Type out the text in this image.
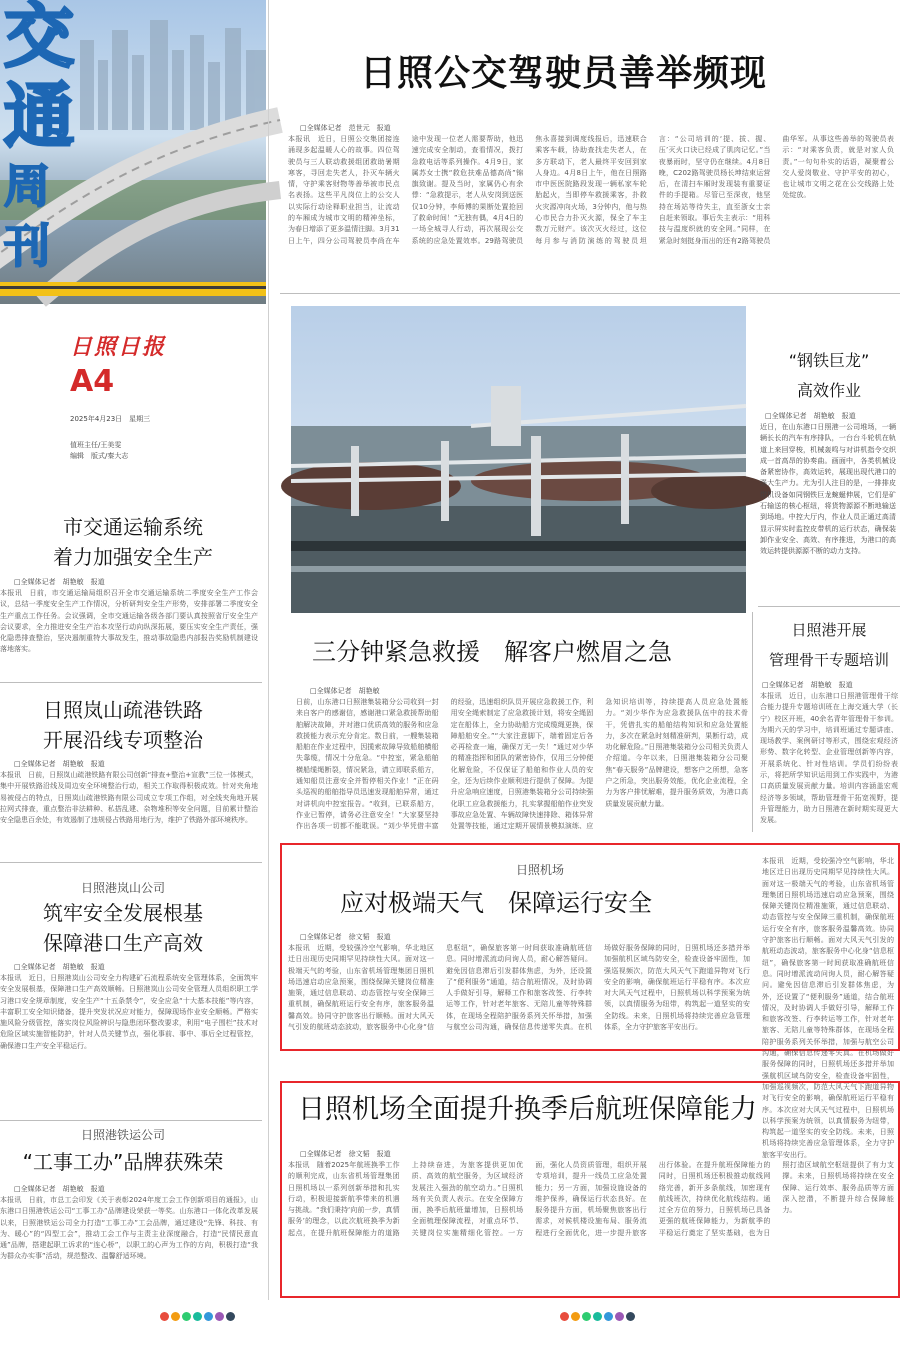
交
通
周刊
日照日报
A4
2025年4月23日　星期三
值班主任/王美雯
编辑　版式/秦大志
市交通运输系统
着力加强安全生产
□全媒体记者　胡艳敏　报道
本报讯　日前，市交通运输局组织召开全市交通运输系统二季度安全生产工作会议，总结一季度安全生产工作情况，分析研判安全生产形势，安排部署二季度安全生产重点工作任务。会议强调，全市交通运输各级各部门要认真按照省厅安全生产会议要求，全力推进安全生产治本攻坚行动向纵深拓展，要压实安全生产责任，强化隐患排查整治，坚决遏制重特大事故发生，推动事故隐患内部报告奖励机制建设落地落实。
日照岚山疏港铁路
开展沿线专项整治
□全媒体记者　胡艳敏　报道
本报讯　日前，日照岚山疏港铁路有限公司创新“排查+整治+宣教”三位一体模式，集中开展铁路沿线及周边安全环境整治行动，相关工作取得积极成效。针对夹角地易被侵占的特点，日照岚山疏港铁路有限公司成立专项工作组，对全线夹角地开展拉网式排查，重点整治非法耕种、私搭乱建、杂物堆积等安全问题，目前累计整治安全隐患百余处，有效遏制了违规侵占铁路用地行为，维护了铁路外部环境秩序。
日照港岚山公司
筑牢安全发展根基
保障港口生产高效
□全媒体记者　胡艳敏　报道
本报讯　近日，日照港岚山公司安全力构建矿石流程系统安全管理体系，全面筑牢安全发展根基，保障港口生产高效顺畅。日照港岚山公司安全管理人员组织职工学习港口安全规章制度，安全生产“十五条禁令”，安全应急“十大基本技能”等内容，丰富职工安全知识储备，提升突发状况应对能力，保障现场作业安全顺畅。严格实施风险分级管控，落实岗位风险辨识与隐患闭环整改要求，利用“电子围栏”技术对危险区域实施智能防护，针对人员关键节点，强化事前、事中、事后全过程管控，确保港口生产安全平稳运行。
日照港铁运公司
“工事工办”品牌获殊荣
□全媒体记者　胡艳敏　报道
本报讯　日前，市总工会印发《关于表彰2024年度工会工作创新项目的通报》，山东港口日照港铁运公司“工事工办”品牌建设荣获一等奖。山东港口一体化改革发展以来，日照港铁运公司全力打造“工事工办”工会品牌，通过建设“先锋、科技、有为、暖心”的“四型工会”，推动工会工作与主责主业深度融合，打造“民情民意直通”品牌，搭建起职工诉求的“连心桥”，以职工的心声为工作的方向，积极打造“我为群众办实事”活动，规范整改、温馨舒适环境。
日照公交驾驶员善举频现
□全媒体记者　范世元　报道
本报讯　近日，日照公交集团接连涌现多起温暖人心的故事。四位驾驶员与三人联动救援组团救助暑期寒客，寻回走失老人，扑灭车辆火情，守护乘客财物等善举被市民点名表扬。这些平凡岗位上的公交人以实际行动诠释职业担当，让流动的车厢成为城市文明的精神坐标，为春日增添了更多温情注脚。3月31日上午，四分公司驾驶员李尚在车途中发现一位老人需要帮助，他迅速完成安全制动，查看情况，拨打急救电话等系列操作。4月9日，家属苏女士携“救危扶难品德高尚”锦旗致谢。提及当时，家属仍心有余悸：“急救提示，老人从安岗到送医仅10分钟，李师傅的果断处置抢回了救命时间！”无独有偶，4月4日的一场全城寻人行动，再次展现公交系统的应急处置效率。29路驾驶员焦永喜接到调度线报后，迅速联合乘客车载，协助查找走失老人，在多方联动下，老人最终平安回到家人身边。4月8日上午，他在日照路市中医医院路段发现一辆私家车轮胎起火，当即停车救援乘客，扑救火灾源冲向火场，3分钟内，他与热心市民合力扑灭火源，保全了车主数万元财产。该次灭火经过，这位每月参与消防演练的驾驶员坦言：“公司培训的‘提、拔、握、压’灭火口诀已经成了肌肉记忆。”当夜暴雨时，坚守仍在继续。4月8日晚，C202路驾驶员杨长坤结束运营后，在清扫车厢时发现装有重要证件的手提箱。尽管已至深夜，他坚持在场站等待失主，直至浙女士亲自赶来领取。事后失主表示：“用科技与温度织就的安全网。”同样，在紧急时刻挺身而出的还有2路驾驶员曲华军。从事这些善举的驾驶员表示：“对乘客负责，就是对家人负责。”一句句朴实的话语，凝聚着公交人爱岗敬业、守护平安的初心，也让城市文明之花在公交线路上处处绽放。
“钢铁巨龙”
高效作业
□全媒体记者　胡艳敏　报道
近日，在山东港口日照港一公司堆场，一辆辆长长的汽车有序排队，一台台斗轮机在轨道上来回穿梭，机械轰鸣与对讲机指令交织成一首高昂的协奏曲。画面中，各类机械设备紧密协作，高效运转，展现出现代港口的强大生产力。尤为引人注目的是，一排排皮带机设备如同钢铁巨龙蜿蜒伸展，它们是矿石输送的核心枢纽，将货物源源不断地输送到场地。中控大厅内，作业人员正通过高清显示屏实时监控皮带机的运行状态，确保装卸作业安全、高效、有序推进，为港口的高效运转提供源源不断的动力支持。
三分钟紧急救援　解客户燃眉之急
□全媒体记者　胡艳敏
日前，山东港口日照港集装箱分公司收到一封来自客户的感谢信，感谢港口紧急救援帮助船舶解决故障，并对港口优质高效的服务和应急救援能力表示充分肯定。数日前，一艘集装箱船舶在作业过程中，因揽索故障导致船舶横船失靠缆，情况十分危急。“中控室，紧急船舶横船缆绳断裂，情况紧急，请立即联系船方，通知船员注意安全并暂停相关作业！”正在码头巡视的船舶指导员迅速发现船舶异常，通过对讲机向中控室报告。“收到，已联系船方，作业已暂停，请务必注意安全！”大家要坚持作出各项一切都不能耽误。“刘少华凭借丰富的经验，迅速组织队员开展应急救援工作，利用安全绳索制定了应急救援计划，将安全绳固定在船体上，全力协助船方完成缆绳更换，保障船舶安全。”“大家注意脚下，端着固定后各必再检查一遍，确保万无一失！”通过对少华的精准指挥和团队的紧密协作，仅用三分钟便化解危险，不仅保证了船舶和作业人员的安全，还为后续作业顺利进行提供了保障。为提升应急响应速度，日照港集装箱分公司持续强化职工应急救援能力，扎实掌握船舶作业突发事故应急处置、车辆故障快速排除、箱体异常处置等技能，通过定期开展情景模拟演练、应急知识培训等，持续提高人员应急处置能力。“刘少华作为应急救援队伍中的技术骨干，凭借扎实的船舶结构知识和应急处置能力，多次在紧急时刻精准研判，果断行动，成功化解危险。”日照港集装箱分公司相关负责人介绍道。今年以来，日照港集装箱分公司聚焦“春天服务”品牌建设，想客户之所想，急客户之所急，突出服务效能，优化企业流程，全力为客户排忧解难，提升服务质效，为港口高质量发展贡献力量。
日照港开展
管理骨干专题培训
□全媒体记者　胡艳敏　报道
本报讯　近日，山东港口日照港管理骨干综合能力提升专题培训班在上海交通大学（长宁）校区开班，40余名青年管理骨干参训。为期六天的学习中，培训班通过专题讲座、现场教学、案例研讨等形式，围绕宏观经济形势、数字化转型、企业管理创新等内容，开展系统化、针对性培训。学员们纷纷表示，将把所学知识运用到工作实践中，为港口高质量发展贡献力量。培训内容涵盖宏观经济等多领域，帮助管理骨干拓宽视野，提升管理能力，助力日照港在新时期实现更大发展。
日照机场
应对极端天气　保障运行安全
□全媒体记者　徐文韬　报道
本报讯　近期，受较强冷空气影响，华北地区迁日出现历史同期罕见持续性大风。面对这一极端天气的考验，山东省机场管理集团日照机场迅速启动应急预案，围绕保障关键岗位精准施策，通过信息联动、动态管控与安全保障三重机制，确保航班运行安全有序，旅客服务温馨高效。协同守护旅客出行顺畅。面对大风天气引发的航班动态波动，旅客服务中心化身“信息枢纽”，确保旅客第一时间获取准确航班信息。同时增派流动问询人员，耐心解答疑问。避免因信息滞后引发群体焦虑，为外，还设置了“便利服务”通道，结合航班情况，及时协调人手做好引导，解释工作和旅客改签、行李转运等工作，针对老年旅客、无陪儿童等特殊群体，在现场全程陪护服务系列关怀举措，加强与航空公司沟通，确保信息传递零失真。在机场做好服务保障的同时，日照机场还多措并举加强航机区域鸟防安全，检查设备牢固性，加强巡视频次，防范大风天气下跑道异物对飞行安全的影响，确保航班运行平稳有序。本次应对大风天气过程中，日照机场以科学预案为统领，以真情服务为纽带，构筑起一道坚实的安全防线。未来，日照机场将持续完善应急管理体系，全力守护旅客平安出行。
本报讯　近期，受较强冷空气影响，华北地区迁日出现历史同期罕见持续性大风。面对这一极端天气的考验，山东省机场管理集团日照机场迅速启动应急预案，围绕保障关键岗位精准施策，通过信息联动、动态管控与安全保障三重机制，确保航班运行安全有序，旅客服务温馨高效。协同守护旅客出行顺畅。面对大风天气引发的航班动态波动，旅客服务中心化身“信息枢纽”，确保旅客第一时间获取准确航班信息。同时增派流动问询人员，耐心解答疑问。避免因信息滞后引发群体焦虑，为外，还设置了“便利服务”通道，结合航班情况，及时协调人手做好引导，解释工作和旅客改签、行李转运等工作，针对老年旅客、无陪儿童等特殊群体，在现场全程陪护服务系列关怀举措，加强与航空公司沟通，确保信息传递零失真。在机场做好服务保障的同时，日照机场还多措并举加强航机区域鸟防安全，检查设备牢固性，加强巡视频次，防范大风天气下跑道异物对飞行安全的影响，确保航班运行平稳有序。本次应对大风天气过程中，日照机场以科学预案为统领，以真情服务为纽带，构筑起一道坚实的安全防线。未来，日照机场将持续完善应急管理体系，全力守护旅客平安出行。
日照机场全面提升换季后航班保障能力
□全媒体记者　徐文韬　报道
本报讯　随着2025年航班换季工作的顺利完成，山东省机场管理集团日照机场以一系列创新举措和扎实行动，积极迎接新航季带来的机遇与挑战。“我们秉持‘向前一步，真情服务’的理念，以此次航班换季为新起点，在提升航班保障能力的道路上持续奋进，为旅客提供更加优质、高效的航空服务，为区域经济发展注入强劲的航空动力。”日照机场有关负责人表示。在安全保障方面，换季后航班量增加，日照机场全面梳理保障流程，对重点环节、关键岗位实施精细化管控。一方面，强化人员资质管理，组织开展专项培训，提升一线员工应急处置能力；另一方面，加强设施设备的维护保养，确保运行状态良好。在服务提升方面，机场聚焦旅客出行需求，对候机楼设施布局、服务流程进行全面优化，进一步提升旅客出行体验。在提升航班保障能力的同时，日照机场还积极推动航线网络完善，新开多条航线，加密现有航线班次，持续优化航线结构。通过全方位的努力，日照机场已具备更强的航班保障能力，为新航季的平稳运行奠定了坚实基础，也为日照打造区域航空枢纽提供了有力支撑。未来，日照机场将持续在安全保障、运行效率、服务品质等方面深入挖潜，不断提升综合保障能力。
